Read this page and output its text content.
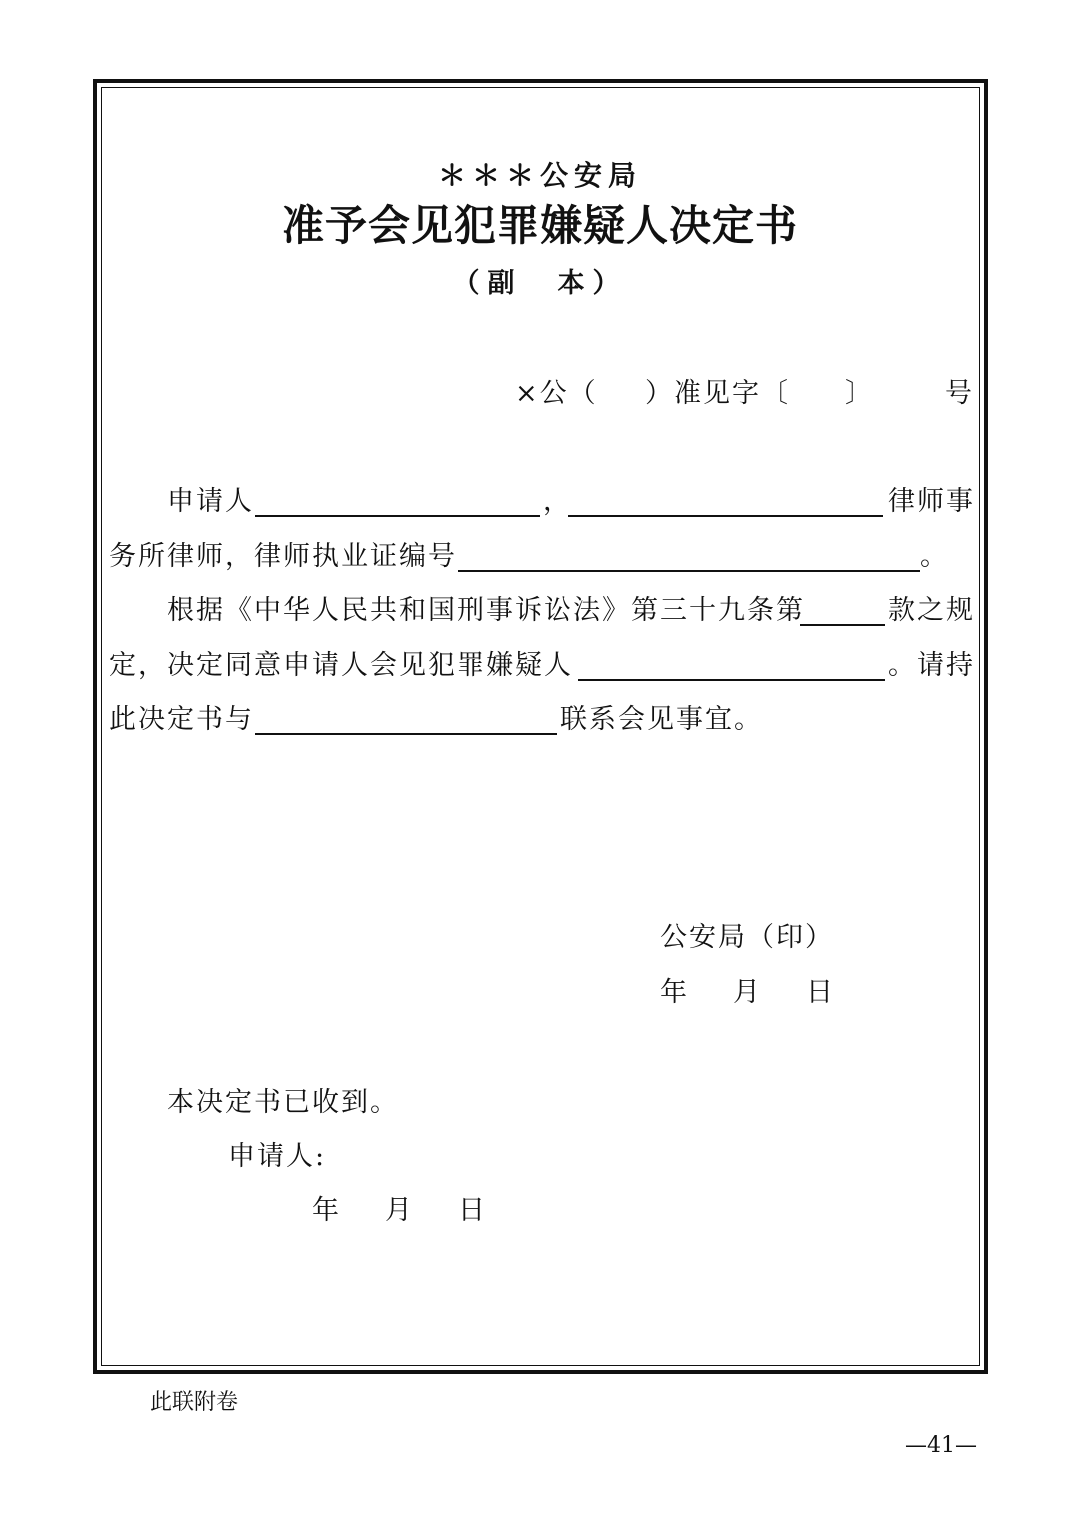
＊＊＊公安局
准予会见犯罪嫌疑人决定书
（副　本）
×公（ ）准见字〔 〕	号
申请人	，	律师事
务所律师，律师执业证编号	。
根据《中华人民共和国刑事诉讼法》第三十九条第	款之规
定，决定同意申请人会见犯罪嫌疑人	。请持
此决定书与	联系会见事宜。
公安局（印）
年 月 日
本决定书已收到。
申请人:
年 月 日
此联附卷
—41—
